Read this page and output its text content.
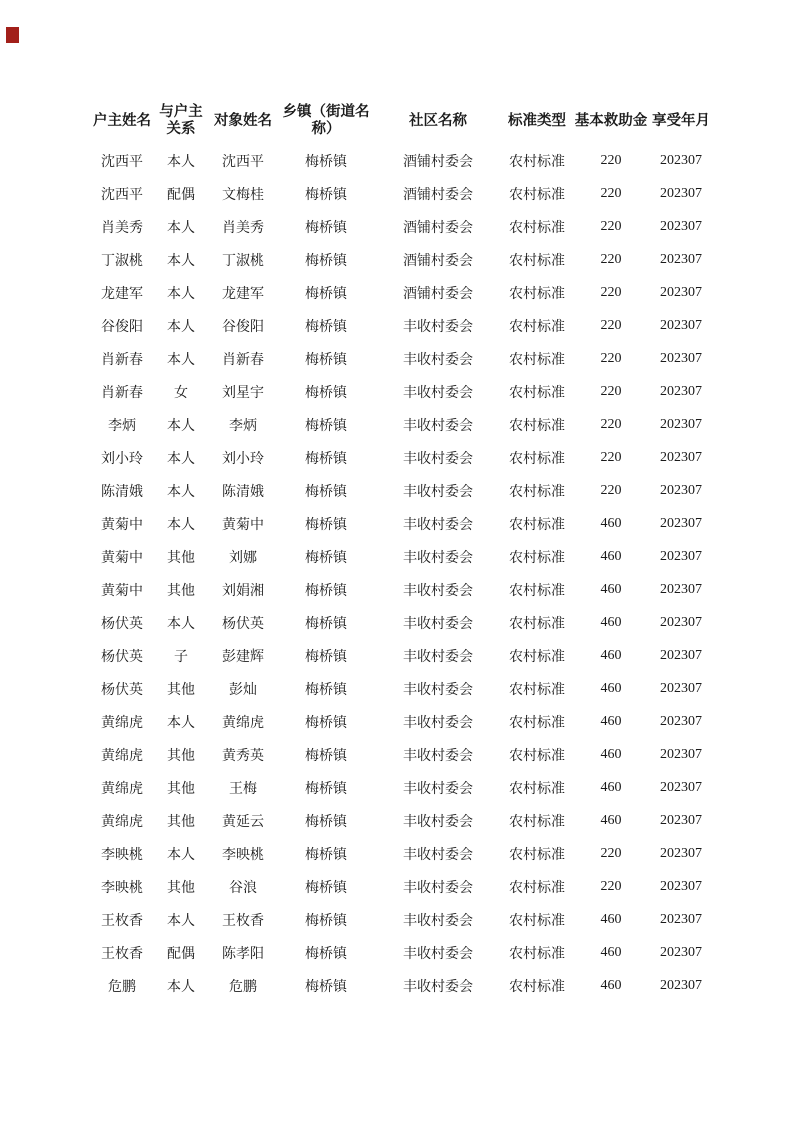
户主姓名	与户主关系	对象姓名	乡镇（街道名称）	社区名称	标准类型	基本救助金	享受年月
沈西平	本人	沈西平	梅桥镇	酒铺村委会	农村标准	220	202307
沈西平	配偶	文梅桂	梅桥镇	酒铺村委会	农村标准	220	202307
肖美秀	本人	肖美秀	梅桥镇	酒铺村委会	农村标准	220	202307
丁淑桃	本人	丁淑桃	梅桥镇	酒铺村委会	农村标准	220	202307
龙建军	本人	龙建军	梅桥镇	酒铺村委会	农村标准	220	202307
谷俊阳	本人	谷俊阳	梅桥镇	丰收村委会	农村标准	220	202307
肖新春	本人	肖新春	梅桥镇	丰收村委会	农村标准	220	202307
肖新春	女	刘星宇	梅桥镇	丰收村委会	农村标准	220	202307
李炳	本人	李炳	梅桥镇	丰收村委会	农村标准	220	202307
刘小玲	本人	刘小玲	梅桥镇	丰收村委会	农村标准	220	202307
陈清娥	本人	陈清娥	梅桥镇	丰收村委会	农村标准	220	202307
黄菊中	本人	黄菊中	梅桥镇	丰收村委会	农村标准	460	202307
黄菊中	其他	刘娜	梅桥镇	丰收村委会	农村标准	460	202307
黄菊中	其他	刘娟湘	梅桥镇	丰收村委会	农村标准	460	202307
杨伏英	本人	杨伏英	梅桥镇	丰收村委会	农村标准	460	202307
杨伏英	子	彭建辉	梅桥镇	丰收村委会	农村标准	460	202307
杨伏英	其他	彭灿	梅桥镇	丰收村委会	农村标准	460	202307
黄绵虎	本人	黄绵虎	梅桥镇	丰收村委会	农村标准	460	202307
黄绵虎	其他	黄秀英	梅桥镇	丰收村委会	农村标准	460	202307
黄绵虎	其他	王梅	梅桥镇	丰收村委会	农村标准	460	202307
黄绵虎	其他	黄延云	梅桥镇	丰收村委会	农村标准	460	202307
李映桃	本人	李映桃	梅桥镇	丰收村委会	农村标准	220	202307
李映桃	其他	谷浪	梅桥镇	丰收村委会	农村标准	220	202307
王枚香	本人	王枚香	梅桥镇	丰收村委会	农村标准	460	202307
王枚香	配偶	陈孝阳	梅桥镇	丰收村委会	农村标准	460	202307
危鹏	本人	危鹏	梅桥镇	丰收村委会	农村标准	460	202307
